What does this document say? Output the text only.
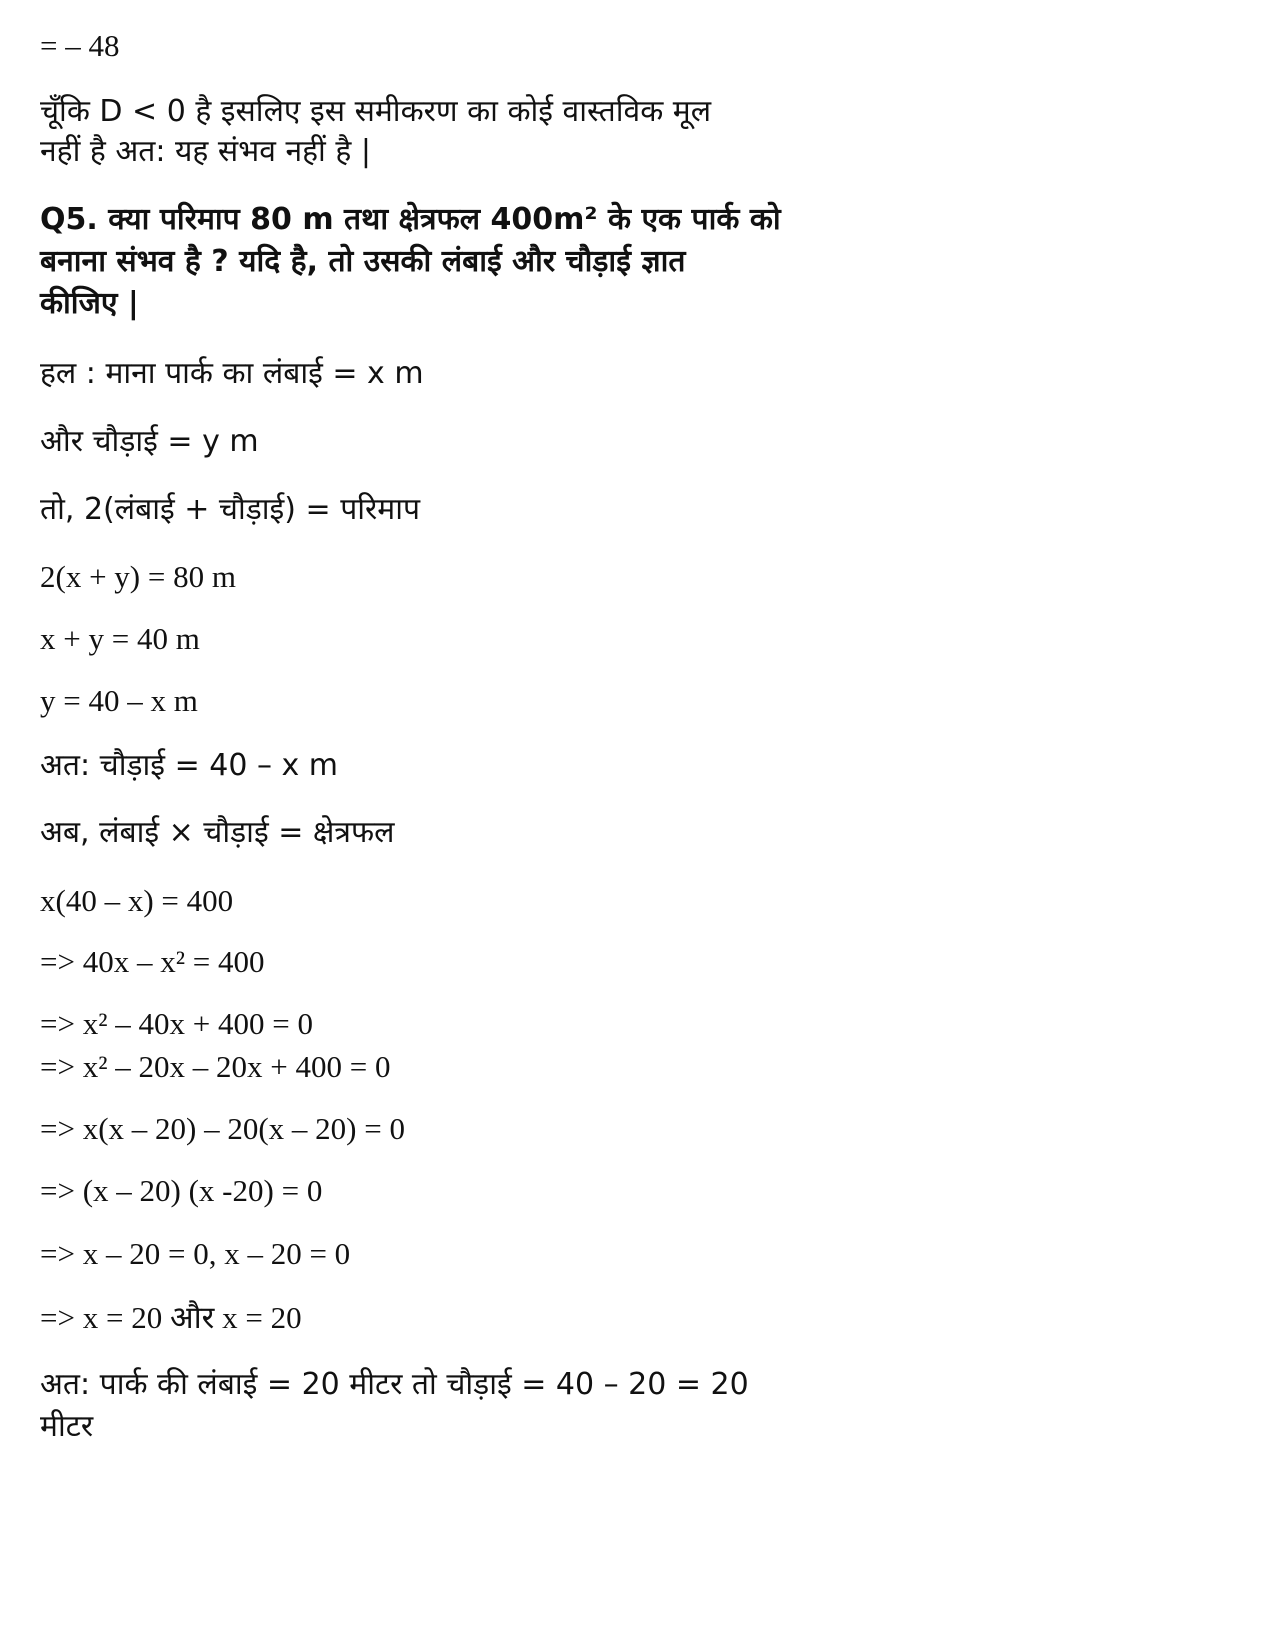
= – 48

चूँकि D < 0 है इसलिए इस समीकरण का कोई वास्तविक मूल

नहीं है अत: यह संभव नहीं है |

Q5. क्या परिमाप 80 m तथा क्षेत्रफल 400m² के एक पार्क को

बनाना संभव है ? यदि है, तो उसकी लंबाई और चौड़ाई ज्ञात

कीजिए |

हल : माना पार्क का लंबाई = x m

और चौड़ाई = y m

तो, 2(लंबाई + चौड़ाई) = परिमाप

2(x + y) = 80 m

x + y = 40 m

y = 40 – x m

अत: चौड़ाई = 40 – x m

अब, लंबाई × चौड़ाई = क्षेत्रफल

x(40 – x) = 400

=> 40x – x² = 400

=> x² – 40x + 400 = 0

=> x² – 20x – 20x + 400 = 0

=> x(x – 20) – 20(x – 20) = 0

=> (x – 20) (x -20) = 0

=> x – 20 = 0, x – 20 = 0

=> x = 20 और x = 20

अत: पार्क की लंबाई = 20 मीटर तो चौड़ाई = 40 – 20 = 20

मीटर
